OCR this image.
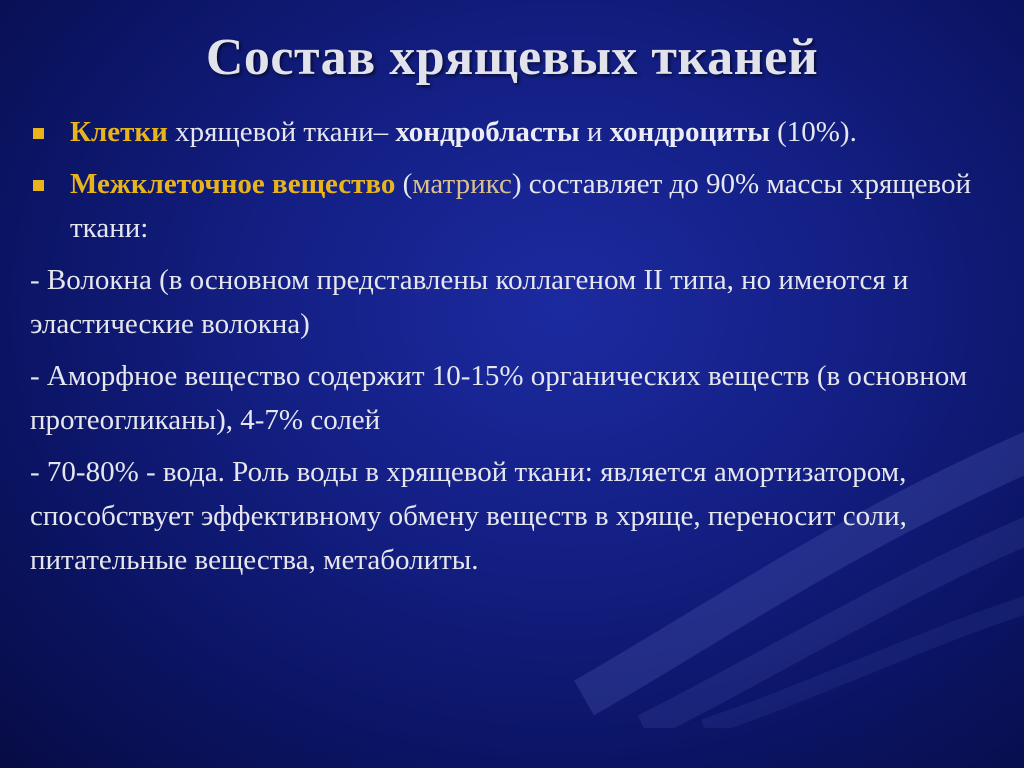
Состав хрящевых тканей
Клетки хрящевой ткани– хондробласты и хондроциты (10%).
Межклеточное вещество (матрикс) составляет до 90% массы хрящевой ткани:
- Волокна (в основном представлены коллагеном II типа, но имеются и эластические волокна)
- Аморфное вещество содержит 10-15% органических веществ (в основном протеогликаны), 4-7% солей
- 70-80% - вода. Роль воды в хрящевой ткани: является амортизатором, способствует эффективному обмену веществ в хряще, переносит соли, питательные вещества, метаболиты.
